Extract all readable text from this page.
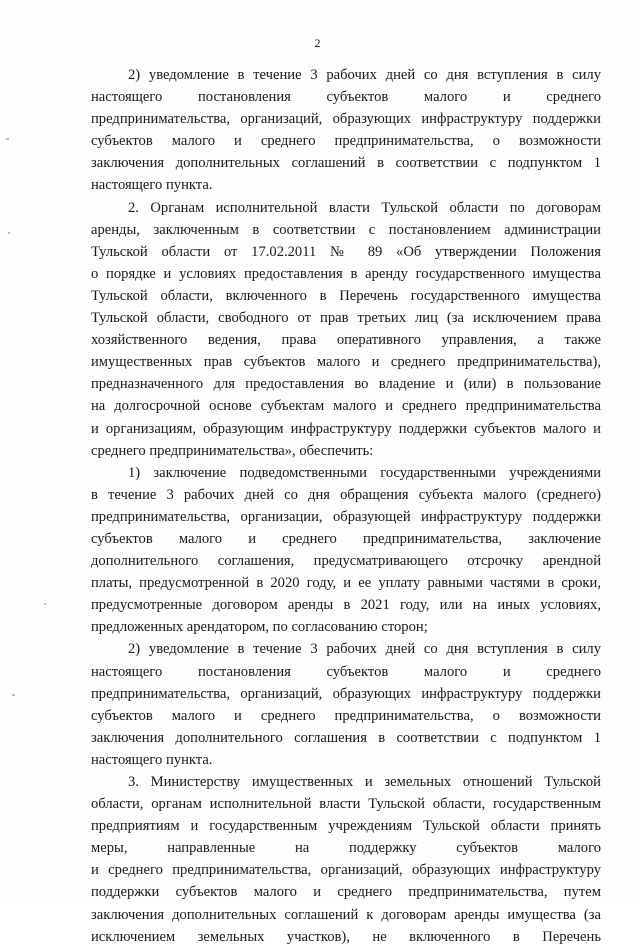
2
2) уведомление в течение 3 рабочих дней со дня вступления в силу
настоящего постановления субъектов малого и среднего
предпринимательства, организаций, образующих инфраструктуру поддержки
субъектов малого и среднего предпринимательства, о возможности
заключения дополнительных соглашений в соответствии с подпунктом 1
настоящего пункта.
2. Органам исполнительной власти Тульской области по договорам
аренды, заключенным в соответствии с постановлением администрации
Тульской области от 17.02.2011 № 89 «Об утверждении Положения
о порядке и условиях предоставления в аренду государственного имущества
Тульской области, включенного в Перечень государственного имущества
Тульской области, свободного от прав третьих лиц (за исключением права
хозяйственного ведения, права оперативного управления, а также
имущественных прав субъектов малого и среднего предпринимательства),
предназначенного для предоставления во владение и (или) в пользование
на долгосрочной основе субъектам малого и среднего предпринимательства
и организациям, образующим инфраструктуру поддержки субъектов малого и
среднего предпринимательства», обеспечить:
1) заключение подведомственными государственными учреждениями
в течение 3 рабочих дней со дня обращения субъекта малого (среднего)
предпринимательства, организации, образующей инфраструктуру поддержки
субъектов малого и среднего предпринимательства, заключение
дополнительного соглашения, предусматривающего отсрочку арендной
платы, предусмотренной в 2020 году, и ее уплату равными частями в сроки,
предусмотренные договором аренды в 2021 году, или на иных условиях,
предложенных арендатором, по согласованию сторон;
2) уведомление в течение 3 рабочих дней со дня вступления в силу
настоящего постановления субъектов малого и среднего
предпринимательства, организаций, образующих инфраструктуру поддержки
субъектов малого и среднего предпринимательства, о возможности
заключения дополнительного соглашения в соответствии с подпунктом 1
настоящего пункта.
3. Министерству имущественных и земельных отношений Тульской
области, органам исполнительной власти Тульской области, государственным
предприятиям и государственным учреждениям Тульской области принять
меры, направленные на поддержку субъектов малого
и среднего предпринимательства, организаций, образующих инфраструктуру
поддержки субъектов малого и среднего предпринимательства, путем
заключения дополнительных соглашений к договорам аренды имущества (за
исключением земельных участков), не включенного в Перечень
